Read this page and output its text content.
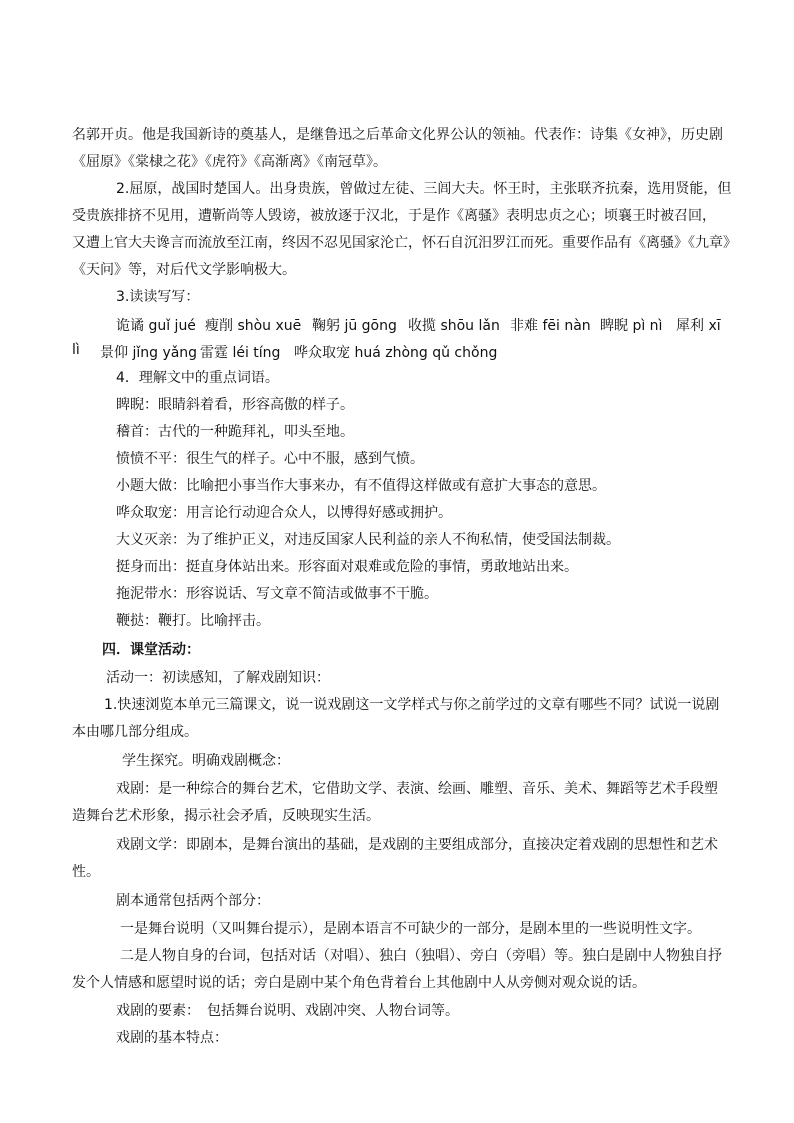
名郭开贞。他是我国新诗的奠基人，是继鲁迅之后革命文化界公认的领袖。代表作：诗集《女神》，历史剧
《屈原》《棠棣之花》《虎符》《高渐离》《南冠草》。
2.屈原，战国时楚国人。出身贵族，曾做过左徒、三闾大夫。怀王时，主张联齐抗秦，选用贤能，但
受贵族排挤不见用，遭靳尚等人毁谤，被放逐于汉北，于是作《离骚》表明忠贞之心；顷襄王时被召回，
又遭上官大夫谗言而流放至江南，终因不忍见国家沦亡，怀石自沉汨罗江而死。重要作品有《离骚》《九章》
《天问》等，对后代文学影响极大。
3.读读写写：
诡谲 guǐ jué 瘦削 shòu xuē 鞠躬 jū gōng 收揽 shōu lǎn 非难 fēi nàn 睥睨 pì nì 犀利 xī
lì 景仰 jǐng yǎng 雷霆 léi tíng 哗众取宠 huá zhòng qǔ chǒng
4．理解文中的重点词语。
睥睨：眼睛斜着看，形容高傲的样子。
稽首：古代的一种跪拜礼，叩头至地。
愤愤不平：很生气的样子。心中不服，感到气愤。
小题大做：比喻把小事当作大事来办，有不值得这样做或有意扩大事态的意思。
哗众取宠：用言论行动迎合众人，以博得好感或拥护。
大义灭亲：为了维护正义，对违反国家人民利益的亲人不徇私情，使受国法制裁。
挺身而出：挺直身体站出来。形容面对艰难或危险的事情，勇敢地站出来。
拖泥带水：形容说话、写文章不简洁或做事不干脆。
鞭挞：鞭打。比喻抨击。
四．课堂活动：
活动一：初读感知，了解戏剧知识：
1.快速浏览本单元三篇课文，说一说戏剧这一文学样式与你之前学过的文章有哪些不同？试说一说剧
本由哪几部分组成。
学生探究。明确戏剧概念：
戏剧：是一种综合的舞台艺术，它借助文学、表演、绘画、雕塑、音乐、美术、舞蹈等艺术手段塑
造舞台艺术形象，揭示社会矛盾，反映现实生活。
戏剧文学：即剧本，是舞台演出的基础，是戏剧的主要组成部分，直接决定着戏剧的思想性和艺术
性。
剧本通常包括两个部分：
一是舞台说明（又叫舞台提示），是剧本语言不可缺少的一部分，是剧本里的一些说明性文字。
二是人物自身的台词，包括对话（对唱）、独白（独唱）、旁白（旁唱）等。独白是剧中人物独自抒
发个人情感和愿望时说的话；旁白是剧中某个角色背着台上其他剧中人从旁侧对观众说的话。
戏剧的要素：　包括舞台说明、戏剧冲突、人物台词等。
戏剧的基本特点：
